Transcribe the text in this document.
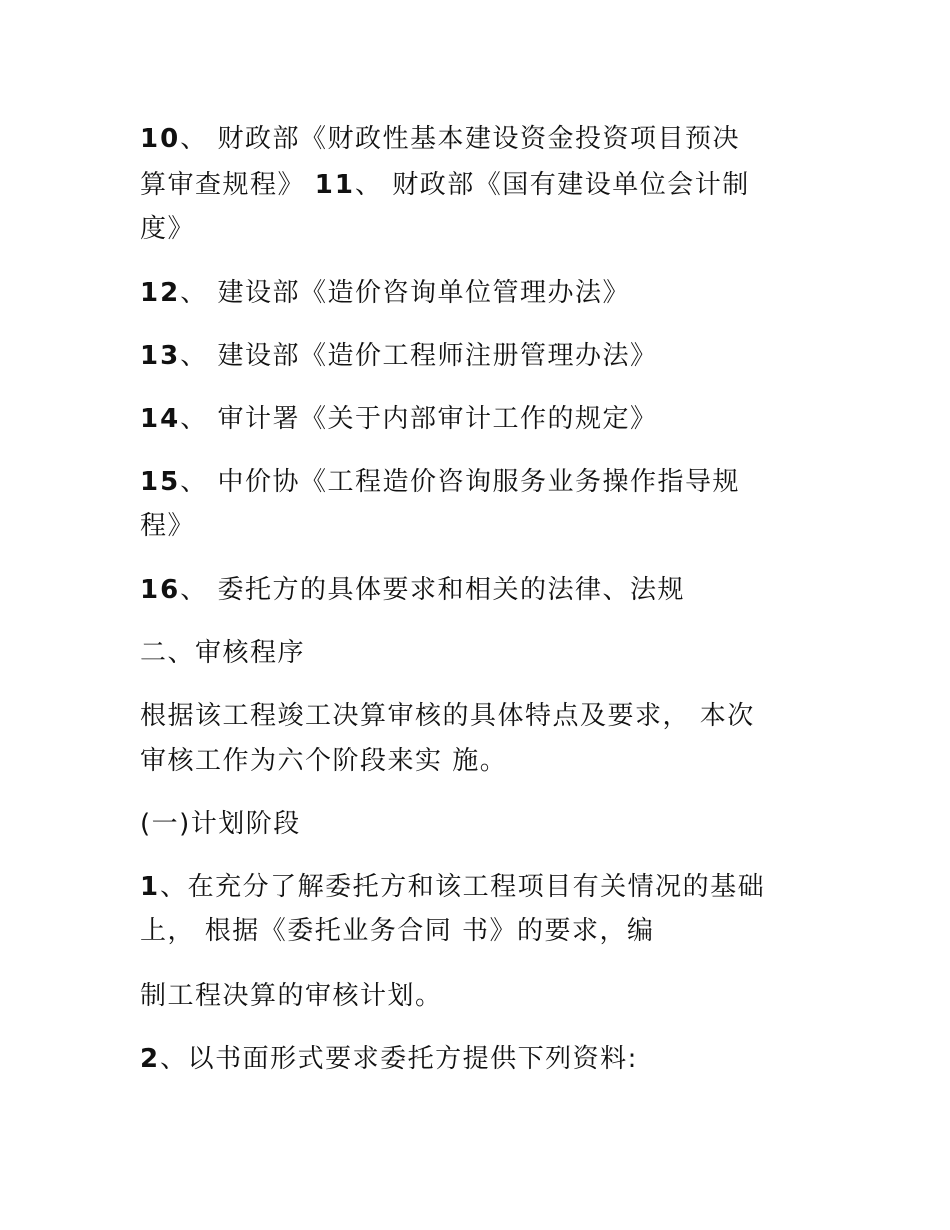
10、 财政部《财政性基本建设资金投资项目预决

算审查规程》 11、 财政部《国有建设单位会计制

度》

12、 建设部《造价咨询单位管理办法》

13、 建设部《造价工程师注册管理办法》

14、 审计署《关于内部审计工作的规定》

15、 中价协《工程造价咨询服务业务操作指导规

程》

16、 委托方的具体要求和相关的法律、法规

二、审核程序

根据该工程竣工决算审核的具体特点及要求， 本次

审核工作为六个阶段来实 施。

(一)计划阶段

1、在充分了解委托方和该工程项目有关情况的基础

上， 根据《委托业务合同 书》的要求，编

制工程决算的审核计划。

2、以书面形式要求委托方提供下列资料:
